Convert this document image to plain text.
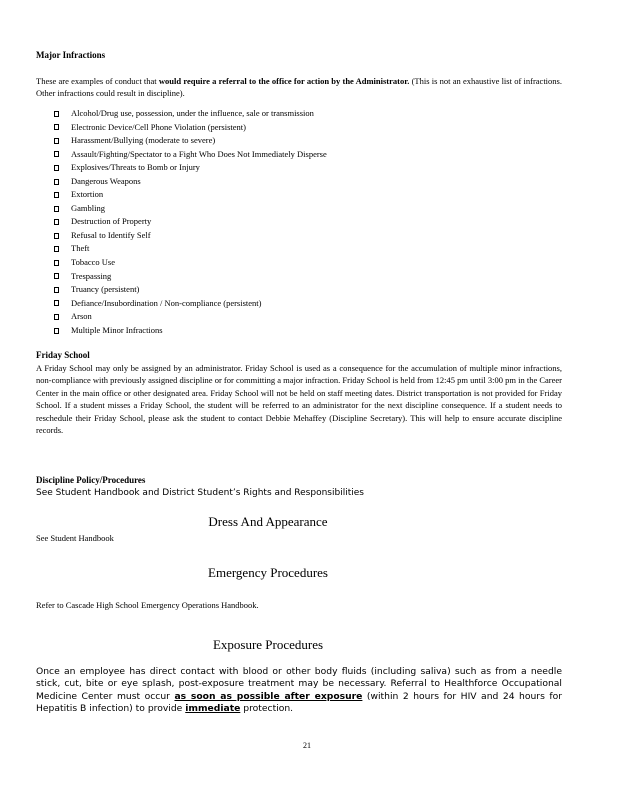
Major Infractions
These are examples of conduct that would require a referral to the office for action by the Administrator. (This is not an exhaustive list of infractions. Other infractions could result in discipline).
Alcohol/Drug use, possession, under the influence, sale or transmission
Electronic Device/Cell Phone Violation (persistent)
Harassment/Bullying (moderate to severe)
Assault/Fighting/Spectator to a Fight Who Does Not Immediately Disperse
Explosives/Threats to Bomb or Injury
Dangerous Weapons
Extortion
Gambling
Destruction of Property
Refusal to Identify Self
Theft
Tobacco Use
Trespassing
Truancy (persistent)
Defiance/Insubordination / Non-compliance (persistent)
Arson
Multiple Minor Infractions
Friday School
A Friday School may only be assigned by an administrator. Friday School is used as a consequence for the accumulation of multiple minor infractions, non-compliance with previously assigned discipline or for committing a major infraction. Friday School is held from 12:45 pm until 3:00 pm in the Career Center in the main office or other designated area. Friday School will not be held on staff meeting dates. District transportation is not provided for Friday School. If a student misses a Friday School, the student will be referred to an administrator for the next discipline consequence. If a student needs to reschedule their Friday School, please ask the student to contact Debbie Mehaffey (Discipline Secretary). This will help to ensure accurate discipline records.
Discipline Policy/Procedures
See Student Handbook and District Student’s Rights and Responsibilities
Dress And Appearance
See Student Handbook
Emergency Procedures
Refer to Cascade High School Emergency Operations Handbook.
Exposure Procedures
Once an employee has direct contact with blood or other body fluids (including saliva) such as from a needle stick, cut, bite or eye splash, post-exposure treatment may be necessary. Referral to Healthforce Occupational Medicine Center must occur as soon as possible after exposure (within 2 hours for HIV and 24 hours for Hepatitis B infection) to provide immediate protection.
21
